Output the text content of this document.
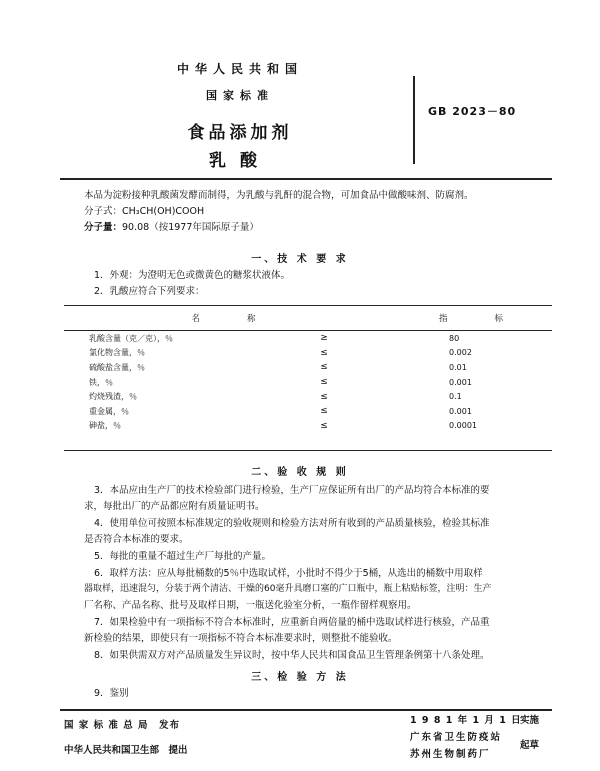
中华人民共和国
国家标准
食品添加剂
乳酸
GB 2023－80
本品为淀粉接种乳酸菌发酵而制得，为乳酸与乳酐的混合物，可加食品中做酸味剂、防腐剂。
分子式：CH₃CH(OH)COOH
分子量：90.08（按1977年国际原子量）
一、技 术 要 求
1．外观：为澄明无色或微黄色的糖浆状液体。
2．乳酸应符合下列要求：
名　　称		指　　标
乳酸含量（克／克），％	≥	80
氯化物含量，％	≤	0.002
硫酸盐含量，％	≤	0.01
铁，％	≤	0.001
灼烧残渣，％	≤	0.1
重金属，％	≤	0.001
砷盐，％	≤	0.0001
二、验 收 规 则
3．本品应由生产厂的技术检验部门进行检验，生产厂应保证所有出厂的产品均符合本标准的要
求，每批出厂的产品都应附有质量证明书。
4．使用单位可按照本标准规定的验收规则和检验方法对所有收到的产品质量核验，检验其标准
是否符合本标准的要求。
5．每批的重量不超过生产厂每批的产量。
6．取样方法：应从每批桶数的5％中选取试样，小批时不得少于5桶，从选出的桶数中用取样
器取样，迅速混匀，分装于两个清洁、干燥的60毫升具磨口塞的广口瓶中，瓶上粘贴标签，注明：生产
厂名称、产品名称、批号及取样日期，一瓶送化验室分析，一瓶作留样观察用。
7．如果检验中有一项指标不符合本标准时，应重新自两倍量的桶中选取试样进行核验，产品重
新检验的结果，即使只有一项指标不符合本标准要求时，则整批不能验收。
8．如果供需双方对产品质量发生异议时，按中华人民共和国食品卫生管理条例第十八条处理。
三、检 验 方 法
9．鉴别
国 家 标 准 总 局　发布
中华人民共和国卫生部　提出
1 9 8 1 年 1 月 1 日
实施
广东省卫生防疫站
苏州生物制药厂
起草
